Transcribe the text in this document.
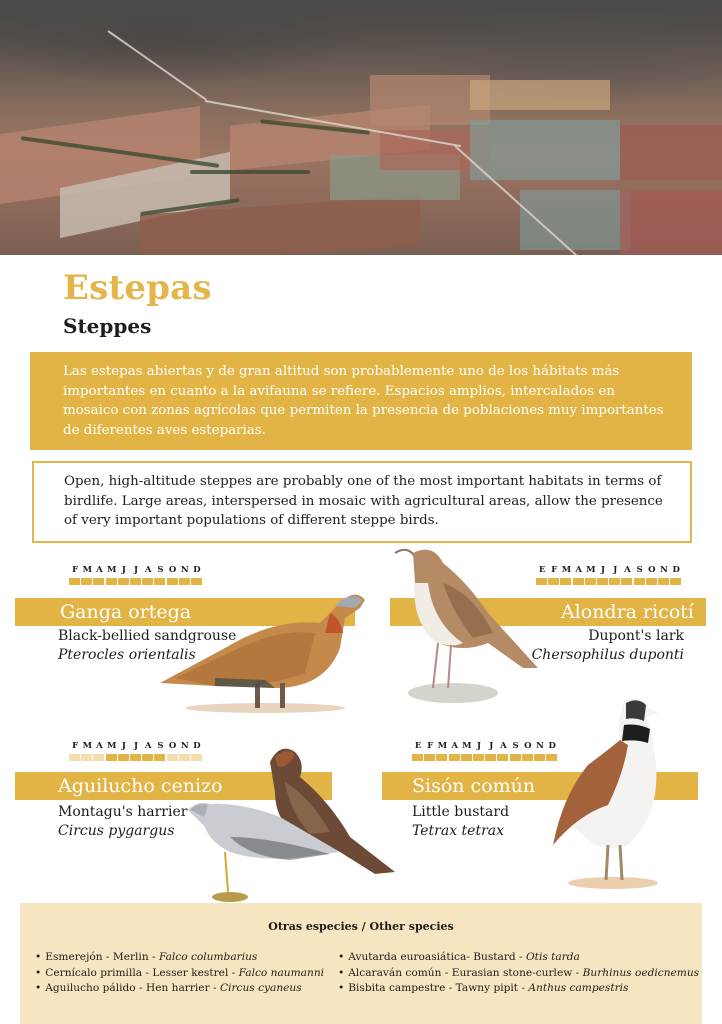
Estepas
Steppes

Las estepas abiertas y de gran altitud son probablemente uno de los hábitats más importantes en cuanto a la avifauna se refiere. Espacios amplios, intercalados en mosaico con zonas agrícolas que permiten la presencia de poblaciones muy importantes de diferentes aves esteparias.

Open, high-altitude steppes are probably one of the most important habitats in terms of birdlife. Large areas, interspersed in mosaic with agricultural areas, allow the presence of very important populations of different steppe birds.

F M A M J J A S O N D
Ganga ortega
Black-bellied sandgrouse
Pterocles orientalis
E F M A M J J A S O N D
Alondra ricotí
Dupont's lark
Chersophilus duponti
F M A M J J A S O N D
Aguilucho cenizo
Montagu's harrier
Circus pygargus
E F M A M J J A S O N D
Sisón común
Little bustard
Tetrax tetrax
Otras especies / Other species
• Esmerejón - Merlin - Falco columbarius
• Cernícalo primilla - Lesser kestrel - Falco naumanni
• Aguilucho pálido - Hen harrier - Circus cyaneus
• Avutarda euroasiática- Bustard - Otis tarda
• Alcaraván común - Eurasian stone-curlew - Burhinus oedicnemus
• Bisbita campestre - Tawny pipit - Anthus campestris
